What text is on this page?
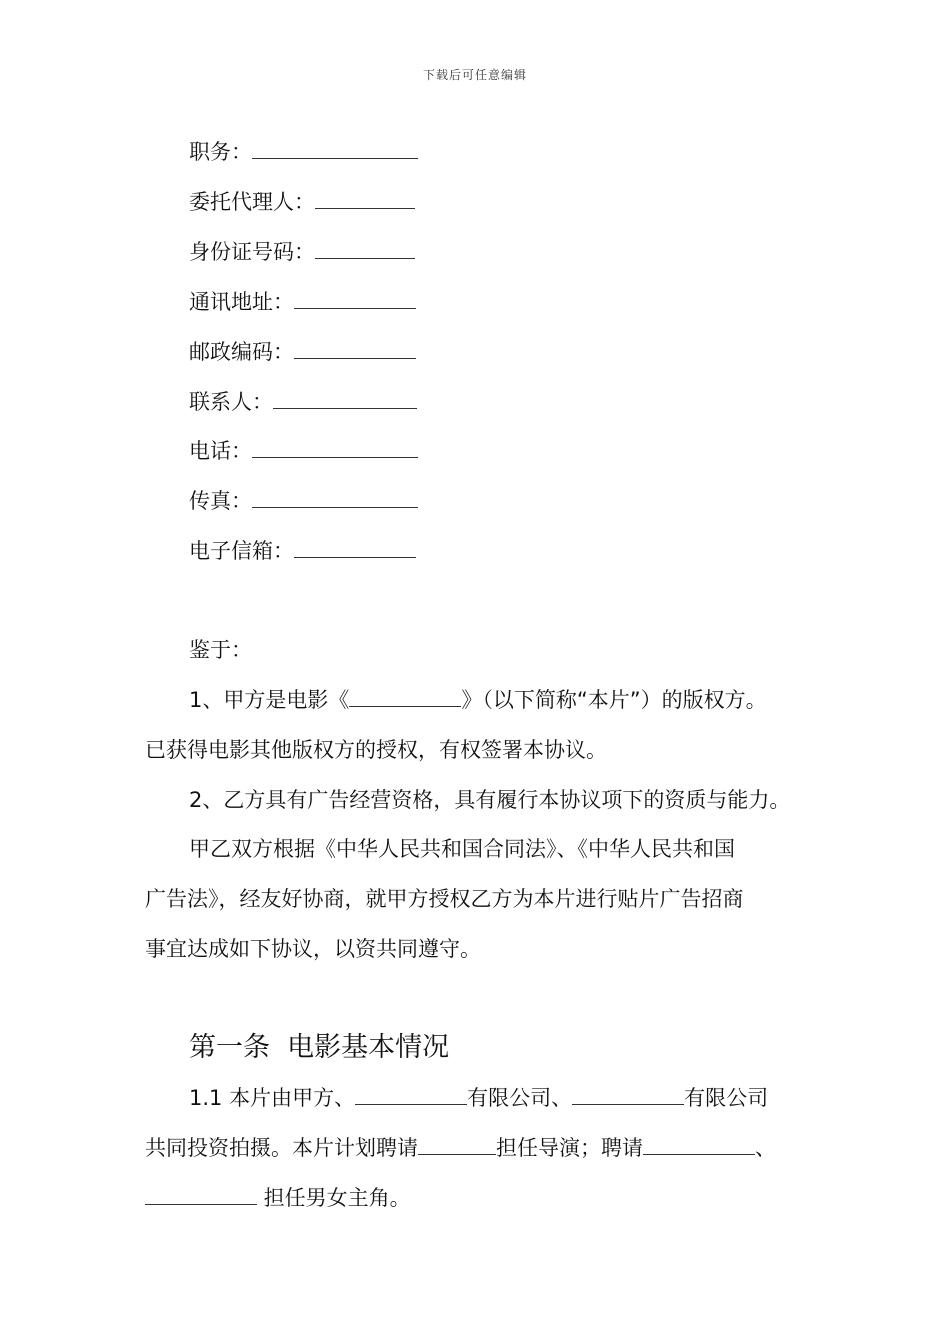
下载后可任意编辑
职务：
委托代理人：
身份证号码：
通讯地址：
邮政编码：
联系人：
电话：
传真：
电子信箱：
鉴于：
1、甲方是电影《	》（以下简称“本片”）的版权方。
已获得电影其他版权方的授权，有权签署本协议。
2、乙方具有广告经营资格，具有履行本协议项下的资质与能力。
甲乙双方根据《中华人民共和国合同法》、《中华人民共和国
广告法》，经友好协商，就甲方授权乙方为本片进行贴片广告招商
事宜达成如下协议，以资共同遵守。
第一条  电影基本情况
1.1 本片由甲方、	有限公司、	有限公司
共同投资拍摄。本片计划聘请	担任导演；聘请	、
担任男女主角。
